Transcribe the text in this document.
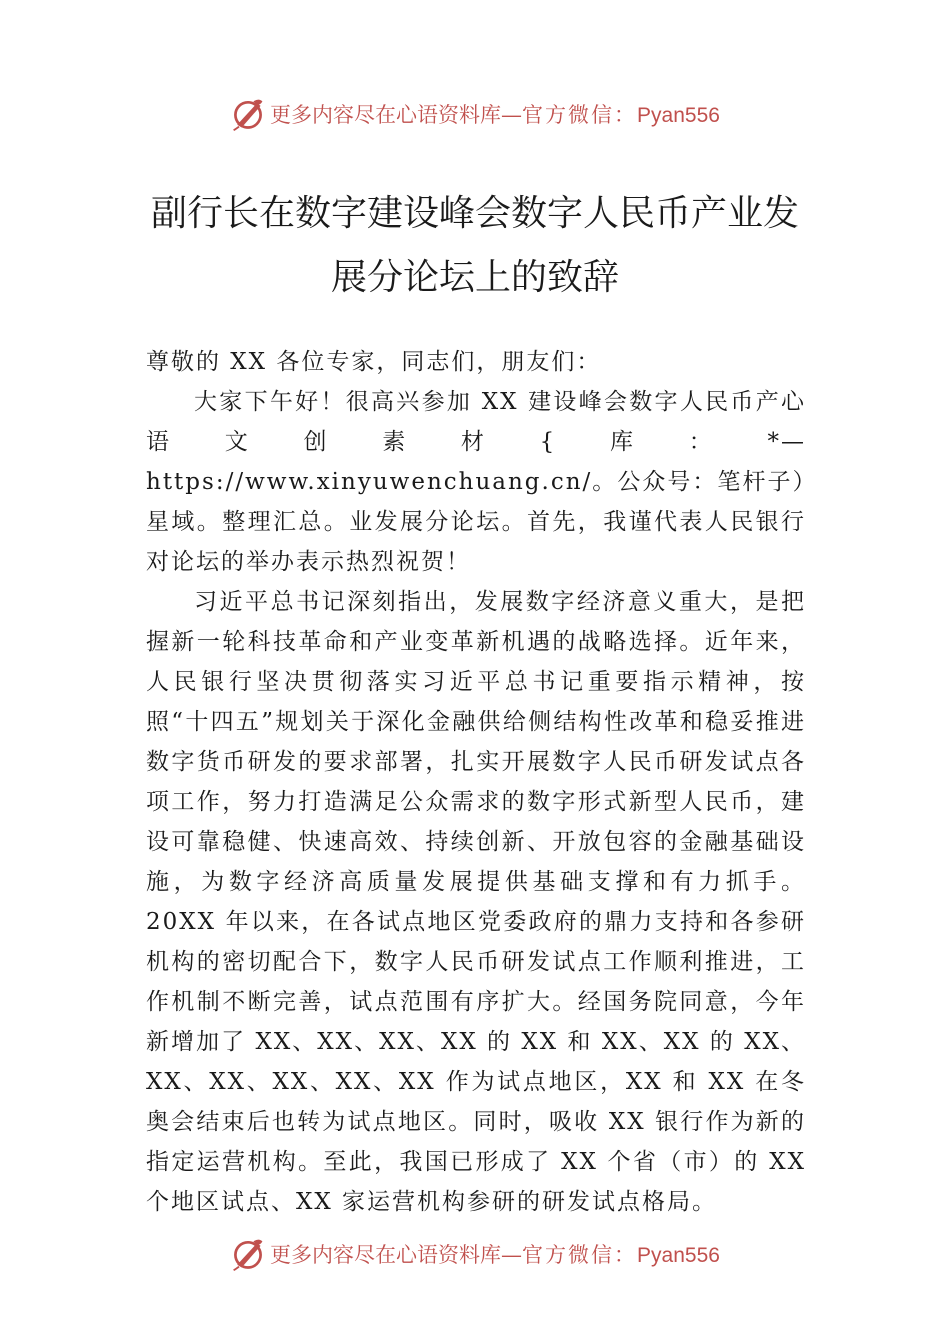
更多内容尽在心语资料库—官方微信：Pyan556
副行长在数字建设峰会数字人民币产业发
展分论坛上的致辞

尊敬的 XX 各位专家，同志们，朋友们：

大家下午好！很高兴参加 XX 建设峰会数字人民币产心语文创素材{库：*—https://www.xinyuwenchuang.cn/。公众号：笔杆子）星域。整理汇总。业发展分论坛。首先，我谨代表人民银行对论坛的举办表示热烈祝贺！

习近平总书记深刻指出，发展数字经济意义重大，是把握新一轮科技革命和产业变革新机遇的战略选择。近年来， 人民银行坚决贯彻落实习近平总书记重要指示精神，按照“十四五”规划关于深化金融供给侧结构性改革和稳妥推进数字货币研发的要求部署，扎实开展数字人民币研发试点各项工作，努力打造满足公众需求的数字形式新型人民币，建设可靠稳健、快速高效、持续创新、开放包容的金融基础设施，为数字经济高质量发展提供基础支撑和有力抓手。20XX 年以来，在各试点地区党委政府的鼎力支持和各参研机构的密切配合下，数字人民币研发试点工作顺利推进，工作机制不断完善，试点范围有序扩大。经国务院同意，今年新增加了 XX、XX、XX、XX 的 XX 和 XX、XX 的 XX、XX、XX、XX、XX、XX 作为试点地区，XX 和 XX 在冬奥会结束后也转为试点地区。同时，吸收 XX 银行作为新的指定运营机构。至此，我国已形成了 XX 个省（市）的 XX 个地区试点、XX 家运营机构参研的研发试点格局。

更多内容尽在心语资料库—官方微信：Pyan556
